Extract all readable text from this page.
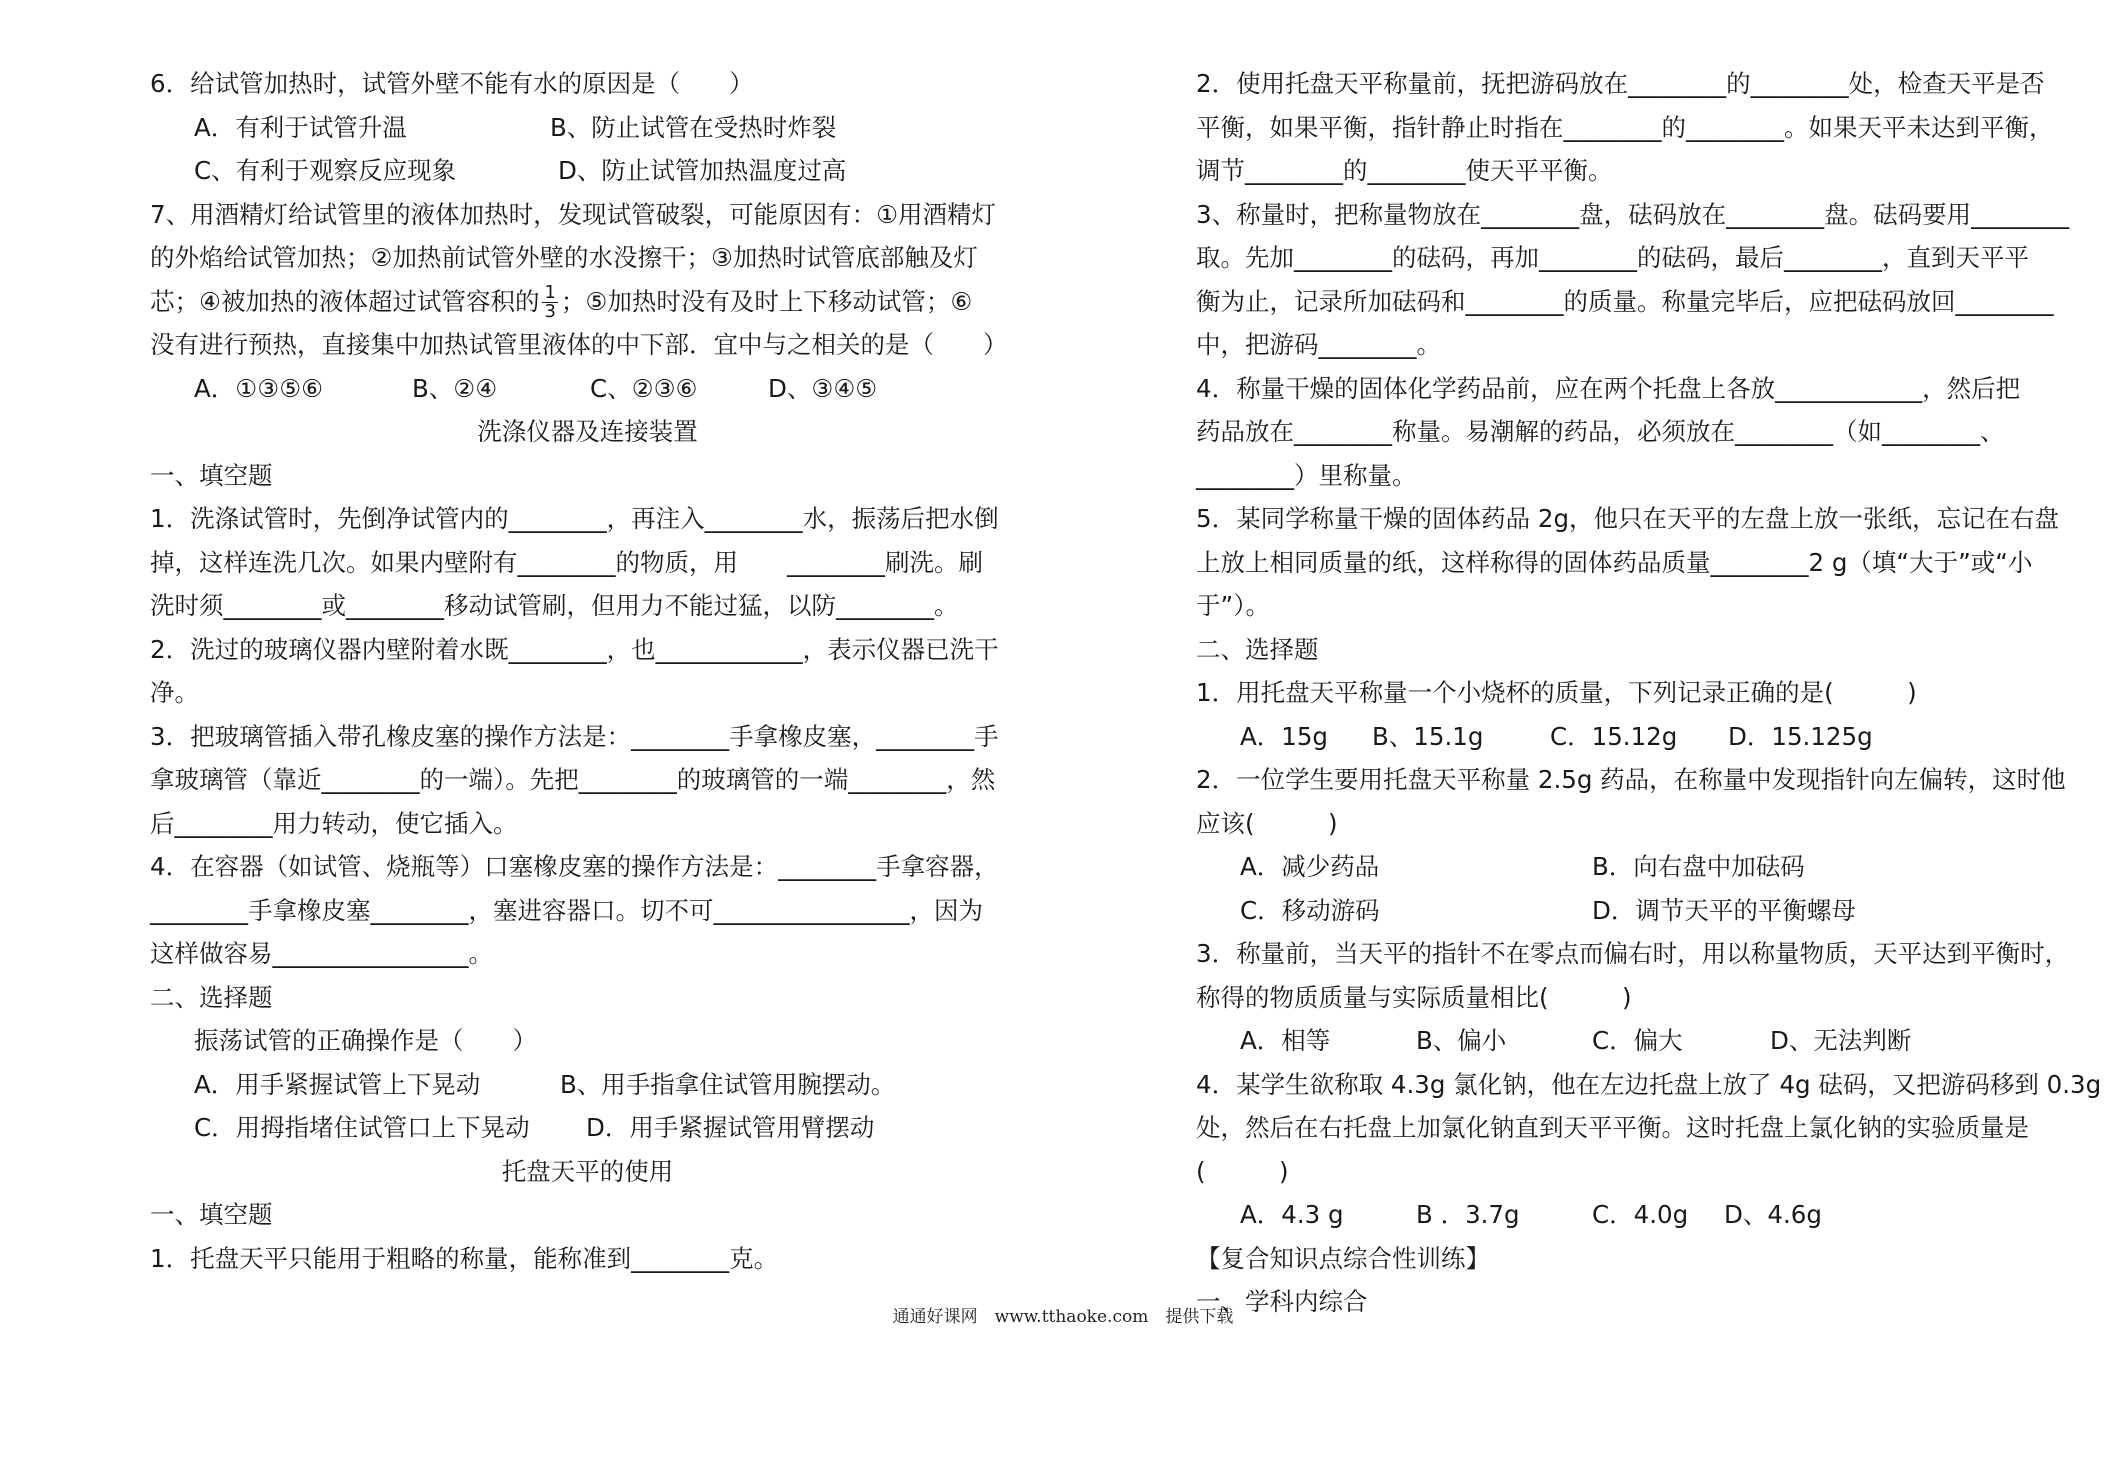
6．给试管加热时，试管外壁不能有水的原因是（　　）
A．有利于试管升温	B、防止试管在受热时炸裂
C、有利于观察反应现象	D、防止试管加热温度过高
7、用酒精灯给试管里的液体加热时，发现试管破裂，可能原因有：①用酒精灯
的外焰给试管加热；②加热前试管外壁的水没擦干；③加热时试管底部触及灯
芯；④被加热的液体超过试管容积的 $\frac{1}{3}$ ；⑤加热时没有及时上下移动试管；⑥
没有进行预热，直接集中加热试管里液体的中下部．宜中与之相关的是（　　）
A．①③⑤⑥	B、②④	C、②③⑥	D、③④⑤
洗涤仪器及连接装置
一、填空题
1．洗涤试管时，先倒净试管内的________，再注入________水，振荡后把水倒
掉，这样连洗几次。如果内壁附有________的物质，用　　________刷洗。刷
洗时须________或________移动试管刷，但用力不能过猛，以防________。
2．洗过的玻璃仪器内壁附着水既________，也____________，表示仪器已洗干
净。
3．把玻璃管插入带孔橡皮塞的操作方法是：________手拿橡皮塞，________手
拿玻璃管（靠近________的一端）。先把________的玻璃管的一端________，然
后________用力转动，使它插入。
4．在容器（如试管、烧瓶等）口塞橡皮塞的操作方法是：________手拿容器，
________手拿橡皮塞________，塞进容器口。切不可________________，因为
这样做容易________________。
二、选择题
振荡试管的正确操作是（　　）
A．用手紧握试管上下晃动	B、用手指拿住试管用腕摆动。
C．用拇指堵住试管口上下晃动	D．用手紧握试管用臂摆动
托盘天平的使用
一、填空题
1．托盘天平只能用于粗略的称量，能称准到________克。
2．使用托盘天平称量前，抚把游码放在________的________处，检查天平是否
平衡，如果平衡，指针静止时指在________的________。如果天平未达到平衡，
调节________的________使天平平衡。
3、称量时，把称量物放在________盘，砝码放在________盘。砝码要用________
取。先加________的砝码，再加________的砝码，最后________，直到天平平
衡为止，记录所加砝码和________的质量。称量完毕后，应把砝码放回________
中，把游码________。
4．称量干燥的固体化学药品前，应在两个托盘上各放____________，然后把
药品放在________称量。易潮解的药品，必须放在________（如________、
________）里称量。
5．某同学称量干燥的固体药品 2g，他只在天平的左盘上放一张纸，忘记在右盘
上放上相同质量的纸，这样称得的固体药品质量________2 g（填“大于”或“小
于”）。
二、选择题
1．用托盘天平称量一个小烧杯的质量，下列记录正确的是(　　　)
A．15g	B、15.1g	C．15.12g	D．15.125g
2．一位学生要用托盘天平称量 2.5g 药品，在称量中发现指针向左偏转，这时他
应该(　　　)
A．减少药品	B．向右盘中加砝码
C．移动游码	D．调节天平的平衡螺母
3．称量前，当天平的指针不在零点而偏右时，用以称量物质，天平达到平衡时，
称得的物质质量与实际质量相比(　　　)
A．相等	B、偏小	C．偏大	D、无法判断
4．某学生欲称取 4.3g 氯化钠，他在左边托盘上放了 4g 砝码，又把游码移到 0.3g
处，然后在右托盘上加氯化钠直到天平平衡。这时托盘上氯化钠的实验质量是
(　　　)
A．4.3 g	B ．3.7g	C．4.0g	D、4.6g
【复合知识点综合性训练】
一、学科内综合
通通好课网　www.tthaoke.com　提供下载
